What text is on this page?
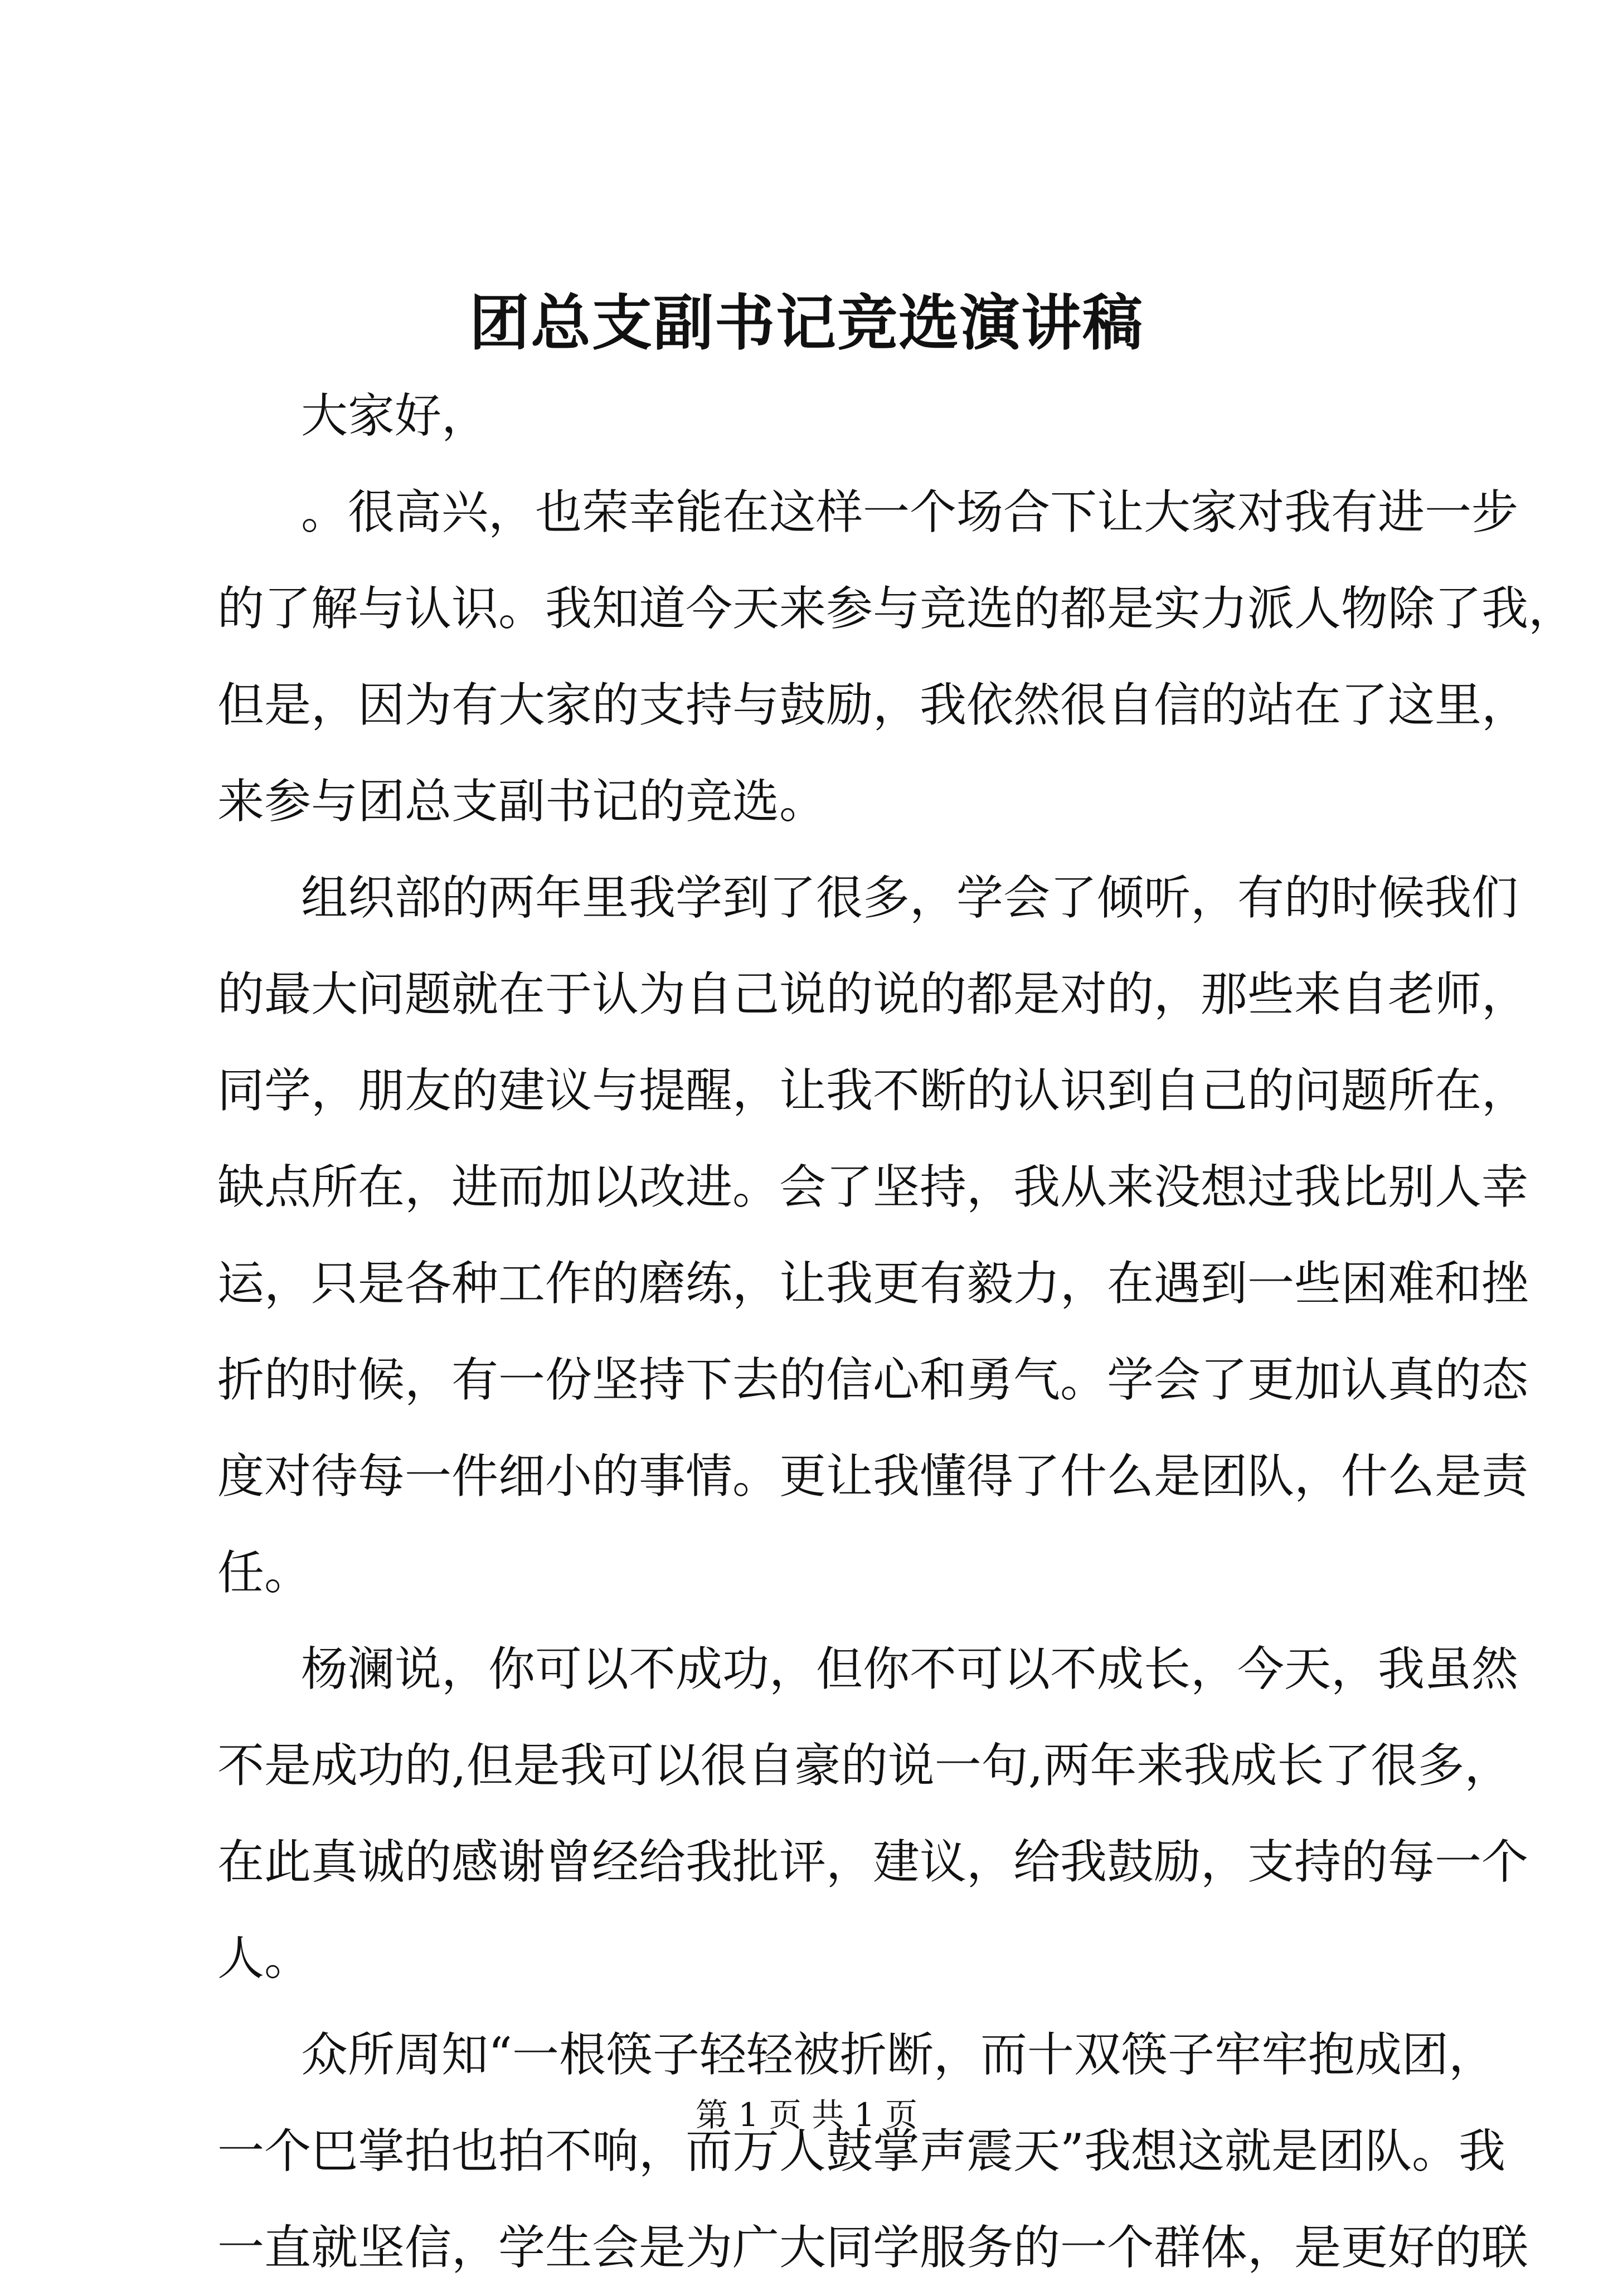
团总支副书记竞选演讲稿
大家好，
。很高兴，也荣幸能在这样一个场合下让大家对我有进一步
的了解与认识。我知道今天来参与竞选的都是实力派人物除了我，
但是，因为有大家的支持与鼓励，我依然很自信的站在了这里，
来参与团总支副书记的竞选。
组织部的两年里我学到了很多，学会了倾听，有的时候我们
的最大问题就在于认为自己说的说的都是对的，那些来自老师，
同学，朋友的建议与提醒，让我不断的认识到自己的问题所在，
缺点所在，进而加以改进。会了坚持，我从来没想过我比别人幸
运，只是各种工作的磨练，让我更有毅力，在遇到一些困难和挫
折的时候，有一份坚持下去的信心和勇气。学会了更加认真的态
度对待每一件细小的事情。更让我懂得了什么是团队，什么是责
任。
杨澜说，你可以不成功，但你不可以不成长，今天，我虽然
不是成功的,但是我可以很自豪的说一句,两年来我成长了很多，
在此真诚的感谢曾经给我批评，建议，给我鼓励，支持的每一个
人。
众所周知“一根筷子轻轻被折断，而十双筷子牢牢抱成团，
一个巴掌拍也拍不响，而万人鼓掌声震天”我想这就是团队。我
一直就坚信，学生会是为广大同学服务的一个群体，是更好的联
第 1 页 共 1 页
